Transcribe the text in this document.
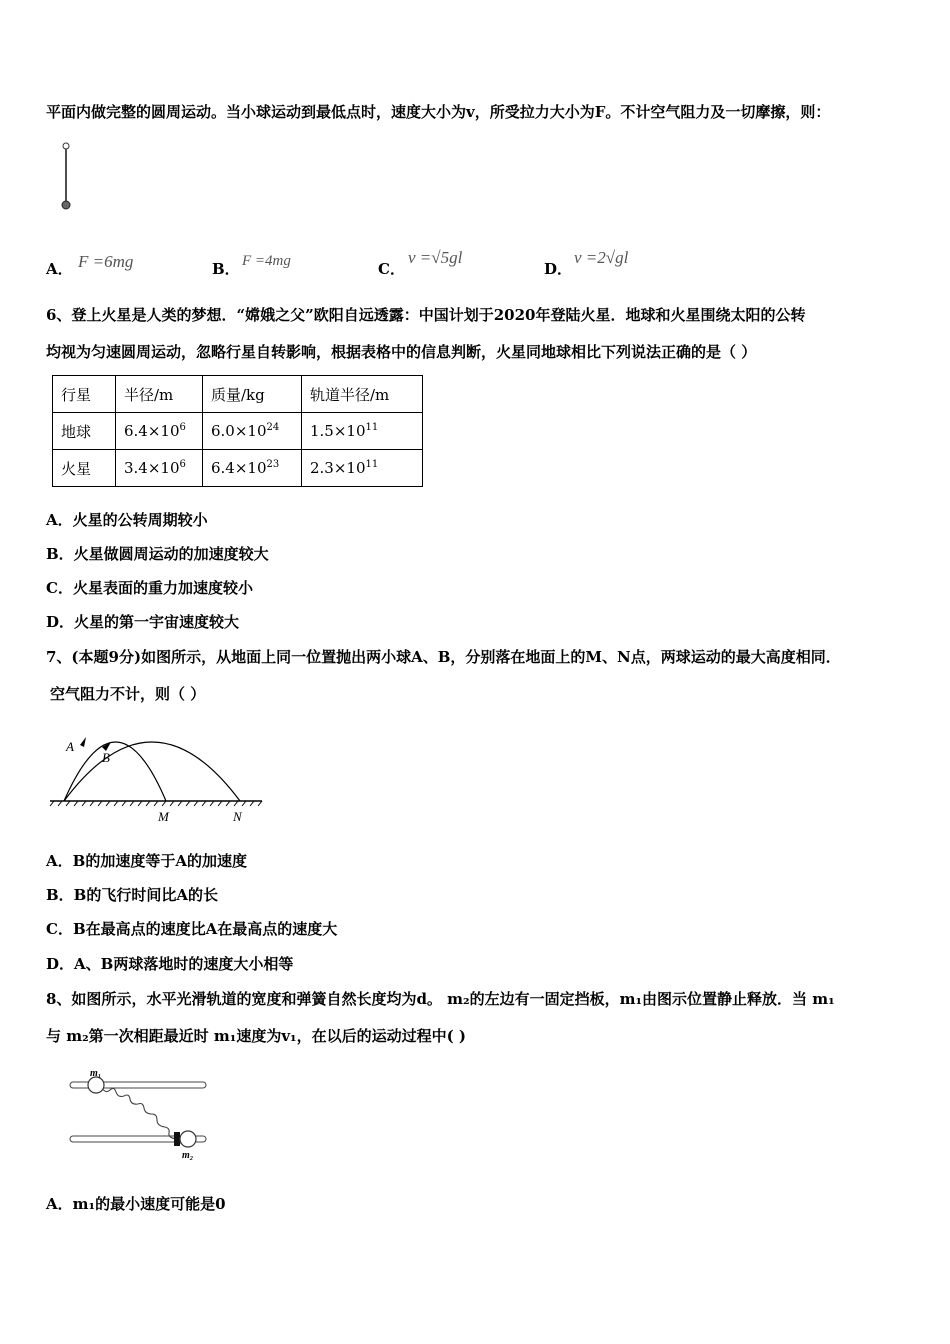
平面内做完整的圆周运动。当小球运动到最低点时，速度大小为v，所受拉力大小为F。不计空气阻力及一切摩擦，则：
A． F =6mg	B． F =4mg	C．
v =√5gl
D．
v =2√gl
6、登上火星是人类的梦想．“嫦娥之父”欧阳自远透露：中国计划于2020年登陆火星．地球和火星围绕太阳的公转
均视为匀速圆周运动，忽略行星自转影响，根据表格中的信息判断，火星同地球相比下列说法正确的是（ ）
行星	半径/m	质量/kg	轨道半径/m
地球	$6.4\times 10^6$	$6.0\times 10^{24}$	$1.5\times 10^{11}$
火星	$3.4\times 10^6$	$6.4\times 10^{23}$	$2.3\times 10^{11}$
A．火星的公转周期较小
B．火星做圆周运动的加速度较大
C．火星表面的重力加速度较小
D．火星的第一宇宙速度较大
7、(本题9分)如图所示，从地面上同一位置抛出两小球A、B，分别落在地面上的M、N点，两球运动的最大高度相同．
空气阻力不计，则（ ）
A
B
M	N
A．B的加速度等于A的加速度
B．B的飞行时间比A的长
C．B在最高点的速度比A在最高点的速度大
D．A、B两球落地时的速度大小相等
8、如图所示，水平光滑轨道的宽度和弹簧自然长度均为d。 m₂的左边有一固定挡板，m₁由图示位置静止释放．当 m₁
与 m₂第一次相距最近时 m₁速度为v₁，在以后的运动过程中( )
m₁
m₂
A．m₁的最小速度可能是0
